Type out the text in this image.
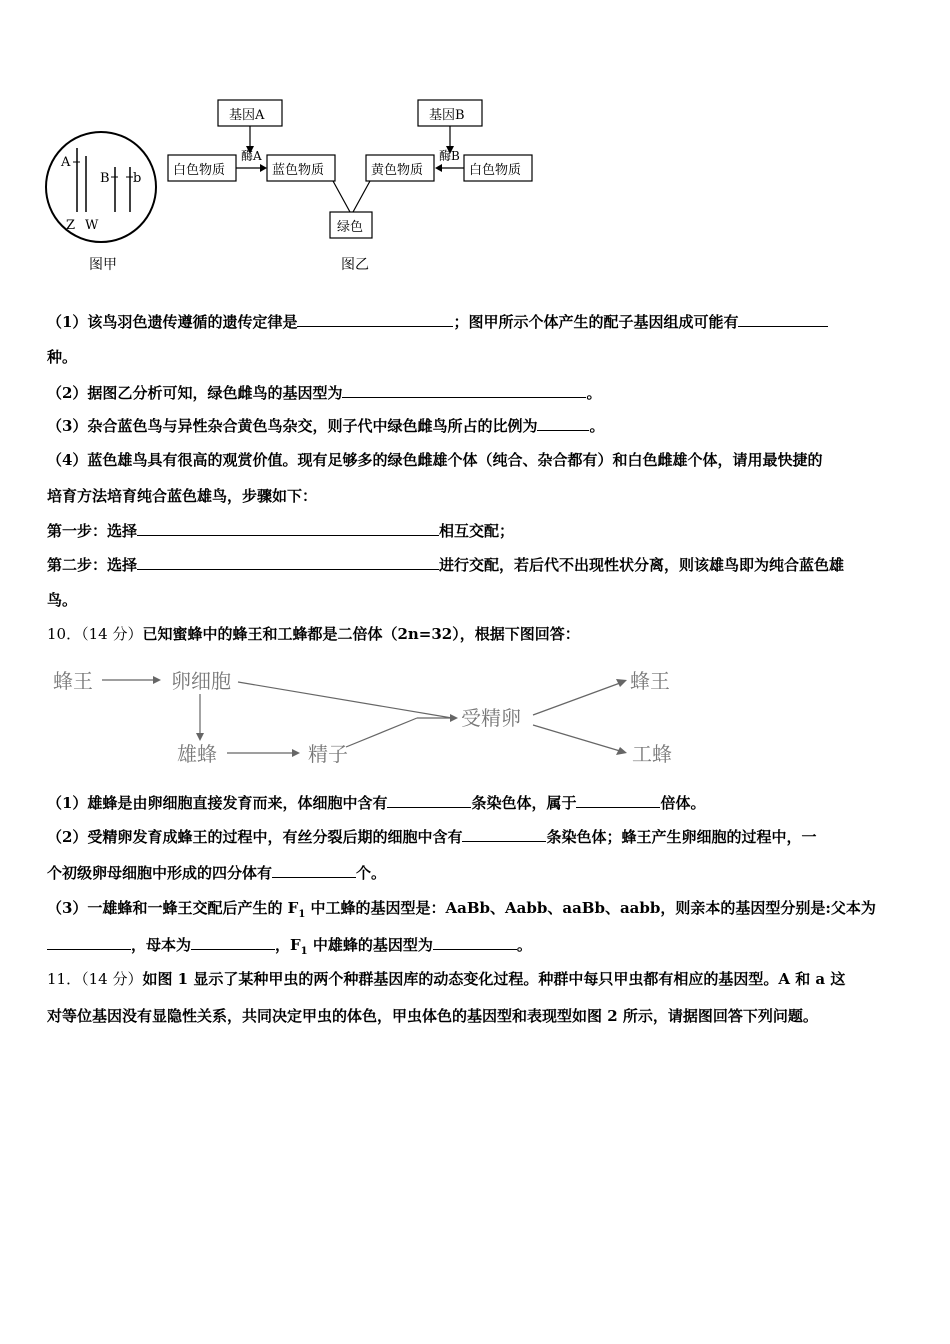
A
B b
Z W
图甲
基因A	基因B
白色物质	蓝色物质	黄色物质	白色物质
绿色
酶A	酶B
图乙
（1）该鸟羽色遗传遵循的遗传定律是	；图甲所示个体产生的配子基因组成可能有
种。
（2）据图乙分析可知，绿色雌鸟的基因型为	。
（3）杂合蓝色鸟与异性杂合黄色鸟杂交，则子代中绿色雌鸟所占的比例为	。
（4）蓝色雄鸟具有很高的观赏价值。现有足够多的绿色雌雄个体（纯合、杂合都有）和白色雌雄个体，请用最快捷的
培育方法培育纯合蓝色雄鸟，步骤如下：
第一步：选择	相互交配；
第二步：选择	进行交配，若后代不出现性状分离，则该雄鸟即为纯合蓝色雄
鸟。
10．（14 分）已知蜜蜂中的蜂王和工蜂都是二倍体（2n=32），根据下图回答：
蜂王	卵细胞
雄蜂	精子
受精卵
蜂王
工蜂
（1）雄蜂是由卵细胞直接发育而来，体细胞中含有	条染色体，属于	倍体。
（2）受精卵发育成蜂王的过程中，有丝分裂后期的细胞中含有	条染色体；蜂王产生卵细胞的过程中，一
个初级卵母细胞中形成的四分体有	个。
（3）一雄蜂和一蜂王交配后产生的 $F_1$ 中工蜂的基因型是：AaBb、Aabb、aaBb、aabb，则亲本的基因型分别是:父本为
，母本为	，$F_1$ 中雄蜂的基因型为	。
11．（14 分）如图 1 显示了某种甲虫的两个种群基因库的动态变化过程。种群中每只甲虫都有相应的基因型。A 和 a 这
对等位基因没有显隐性关系，共同决定甲虫的体色，甲虫体色的基因型和表现型如图 2 所示，请据图回答下列问题。
